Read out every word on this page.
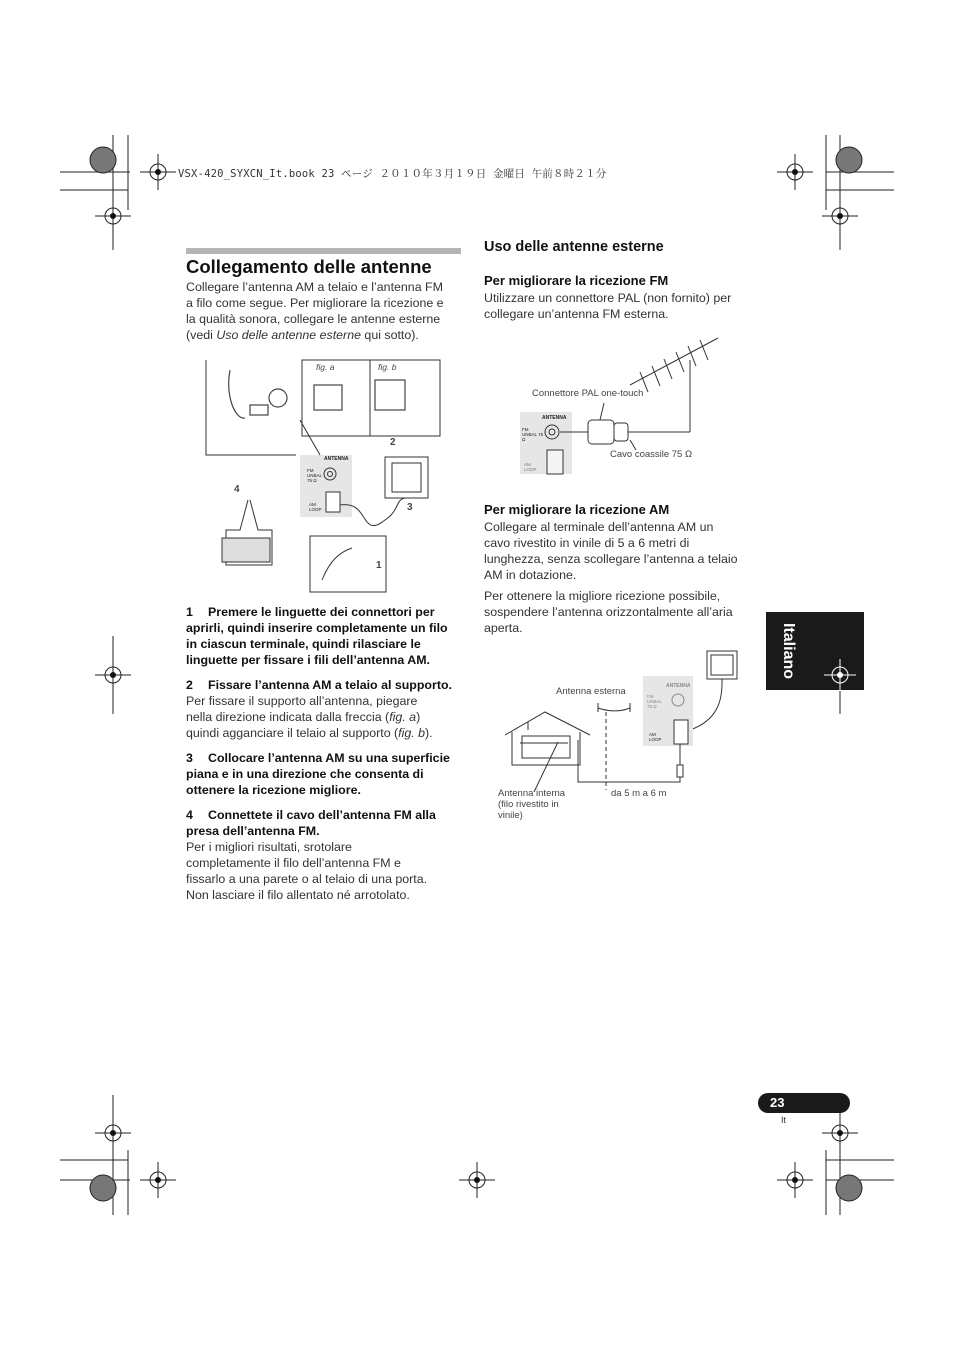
VSX-420_SYXCN_It.book 23 ページ ２０１０年３月１９日 金曜日 午前８時２１分
Collegamento delle antenne
Collegare l’antenna AM a telaio e l’antenna FM
a filo come segue. Per migliorare la ricezione e
la qualità sonora, collegare le antenne esterne
(vedi Uso delle antenne esterne qui sotto).
fig. a	fig. b
ANTENNA
FM UNBAL 75 Ω
AM LOOP
2
3
4
1
1 Premere le linguette dei connettori per
aprirli, quindi inserire completamente un filo
in ciascun terminale, quindi rilasciare le
linguette per fissare i fili dell’antenna AM.
2 Fissare l’antenna AM a telaio al supporto.
Per fissare il supporto all’antenna, piegare
nella direzione indicata dalla freccia (fig. a)
quindi agganciare il telaio al supporto (fig. b).
3 Collocare l’antenna AM su una superficie
piana e in una direzione che consenta di
ottenere la ricezione migliore.
4 Connettete il cavo dell’antenna FM alla
presa dell’antenna FM.
Per i migliori risultati, srotolare
completamente il filo dell’antenna FM e
fissarlo a una parete o al telaio di una porta.
Non lasciare il filo allentato né arrotolato.
Uso delle antenne esterne
Per migliorare la ricezione FM
Utilizzare un connettore PAL (non fornito) per
collegare un’antenna FM esterna.
Connettore PAL one-touch
Cavo coassile 75 Ω
ANTENNA
FM UNBAL 75 Ω
AM LOOP
Per migliorare la ricezione AM
Collegare al terminale dell’antenna AM un
cavo rivestito in vinile di 5 a 6 metri di
lunghezza, senza scollegare l’antenna a telaio
AM in dotazione.
Per ottenere la migliore ricezione possibile,
sospendere l’antenna orizzontalmente all’aria
aperta.
Antenna esterna
Antenna interna
(filo rivestito in
vinile)
da 5 m a 6 m
ANTENNA
FM UNBAL 75 Ω
AM LOOP
Italiano
23
It
